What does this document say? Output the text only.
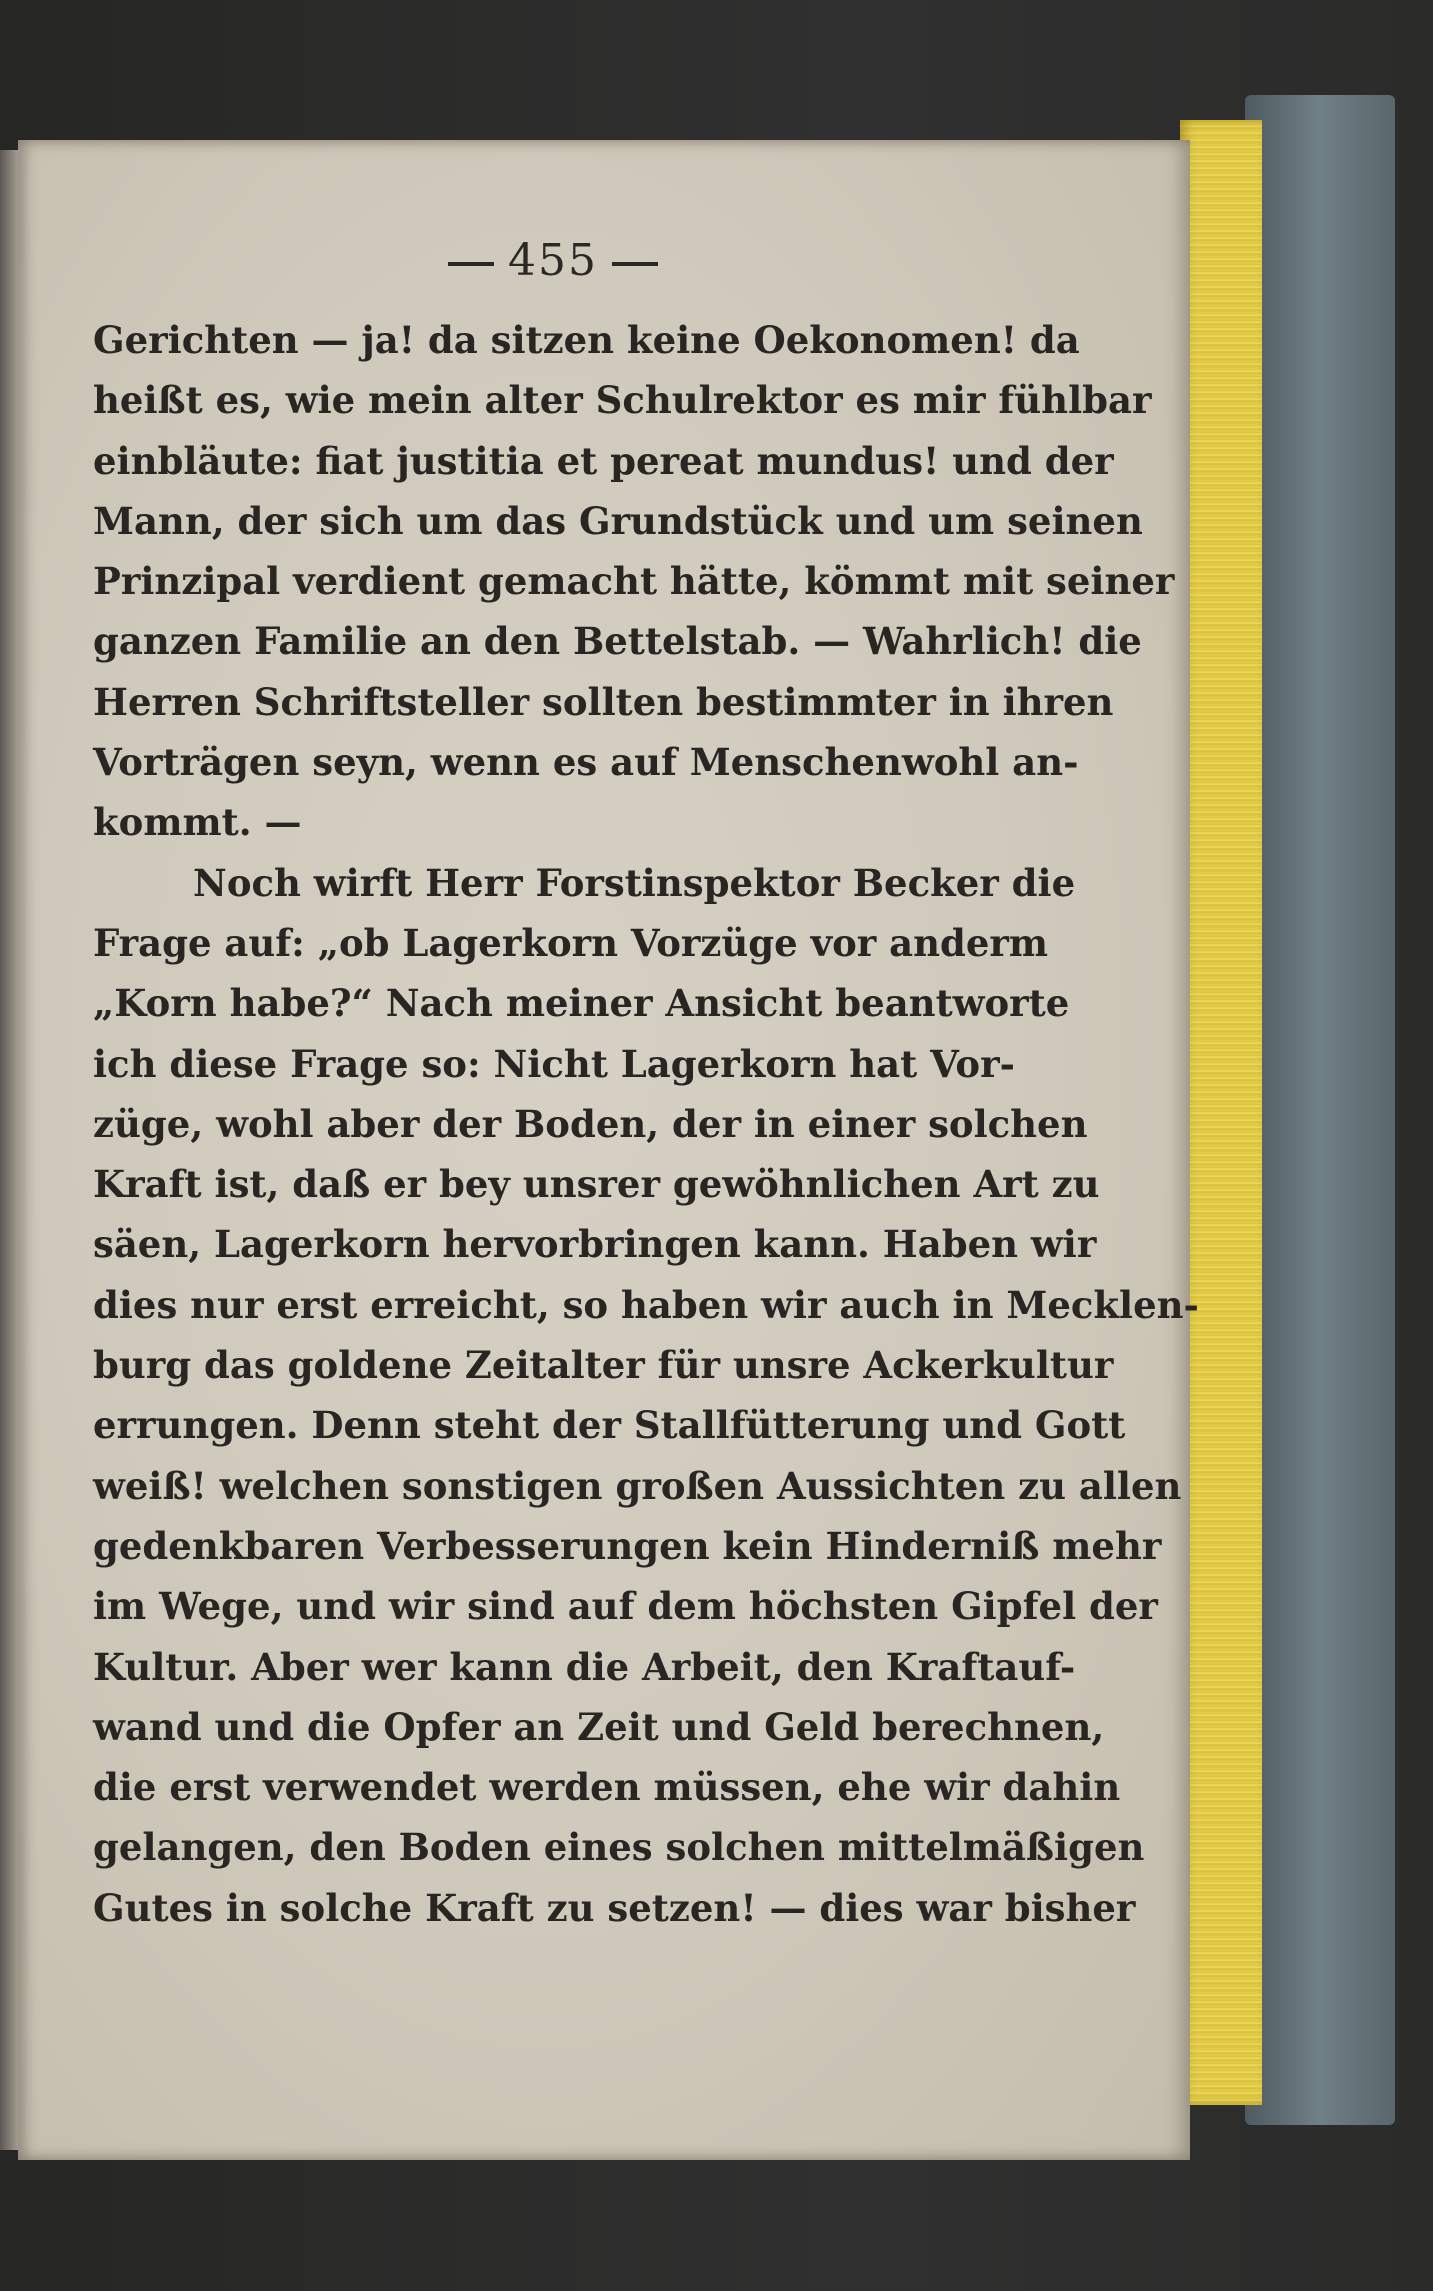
455
Gerichten — ja! da sitzen keine Oekonomen! da
heißt es, wie mein alter Schulrektor es mir fühlbar
einbläute: fiat justitia et pereat mundus! und der
Mann, der sich um das Grundstück und um seinen
Prinzipal verdient gemacht hätte, kömmt mit seiner
ganzen Familie an den Bettelstab. — Wahrlich! die
Herren Schriftsteller sollten bestimmter in ihren
Vorträgen seyn, wenn es auf Menschenwohl an-
kommt. —
Noch wirft Herr Forstinspektor Becker die
Frage auf: „ob Lagerkorn Vorzüge vor anderm
„Korn habe?“ Nach meiner Ansicht beantworte
ich diese Frage so: Nicht Lagerkorn hat Vor-
züge, wohl aber der Boden, der in einer solchen
Kraft ist, daß er bey unsrer gewöhnlichen Art zu
säen, Lagerkorn hervorbringen kann. Haben wir
dies nur erst erreicht, so haben wir auch in Mecklen-
burg das goldene Zeitalter für unsre Ackerkultur
errungen. Denn steht der Stallfütterung und Gott
weiß! welchen sonstigen großen Aussichten zu allen
gedenkbaren Verbesserungen kein Hinderniß mehr
im Wege, und wir sind auf dem höchsten Gipfel der
Kultur. Aber wer kann die Arbeit, den Kraftauf-
wand und die Opfer an Zeit und Geld berechnen,
die erst verwendet werden müssen, ehe wir dahin
gelangen, den Boden eines solchen mittelmäßigen
Gutes in solche Kraft zu setzen! — dies war bisher
